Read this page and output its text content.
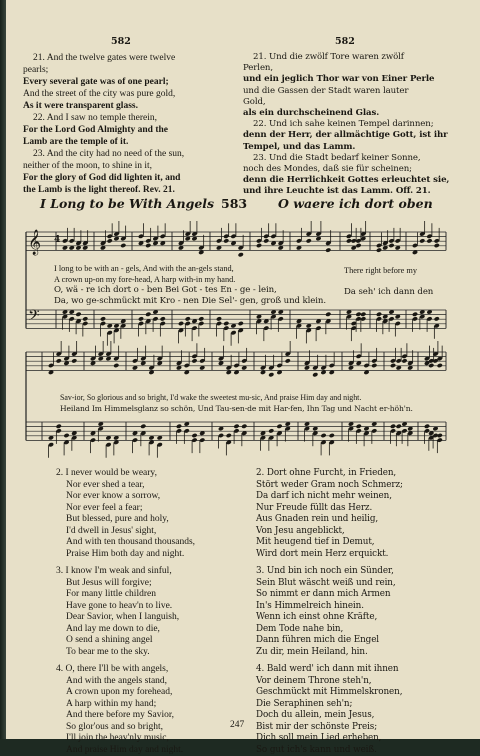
582	582
21. And the twelve gates were twelve
pearls;
Every several gate was of one pearl;
And the street of the city was pure gold,
As it were transparent glass.
22. And I saw no temple therein,
For the Lord God Almighty and the
Lamb are the temple of it.
23. And the city had no need of the sun,
neither of the moon, to shine in it,
For the glory of God did lighten it, and
the Lamb is the light thereof. Rev. 21.
21. Und die zwölf Tore waren zwölf
Perlen,
und ein jeglich Thor war von Einer Perle
und die Gassen der Stadt waren lauter
Gold,
als ein durchscheinend Glas.
22. Und ich sahe keinen Tempel darinnen;
denn der Herr, der allmächtige Gott, ist ihr
Tempel, und das Lamm.
23. Und die Stadt bedarf keiner Sonne,
noch des Mondes, daß sie für scheinen;
denn die Herrlichkeit Gottes erleuchtet sie,
und ihre Leuchte ist das Lamm. Off. 21.
I Long to be With Angels 583 O waere ich dort oben
𝄞
𝄢
4
I long to be with an - gels, And with the an-gels stand,
A crown up-on my fore-head, A harp with-in my hand.
O, wä - re ich dort o - ben Bei Got - tes En - ge - lein,
Da, wo ge-schmückt mit Kro - nen Die Sel'- gen, groß und klein.
There right before my
Da seh' ich dann den
Sav-ior, So glorious and so bright, I'd wake the sweetest mu-sic, And praise Him day and night.
Heiland Im Himmelsglanz so schön, Und Tau-sen-de mit Har-fen, Ihn Tag und Nacht er-höh'n.
2. I never would be weary,
Nor ever shed a tear,
Nor ever know a sorrow,
Nor ever feel a fear;
But blessed, pure and holy,
I'd dwell in Jesus' sight,
And with ten thousand thousands,
Praise Him both day and night.
3. I know I'm weak and sinful,
But Jesus will forgive;
For many little children
Have gone to heav'n to live.
Dear Savior, when I languish,
And lay me down to die,
O send a shining angel
To bear me to the sky.
4. O, there I'll be with angels,
And with the angels stand,
A crown upon my forehead,
A harp within my hand;
And there before my Savior,
So glor'ous and so bright,
I'll join the heav'nly music,
And praise Him day and night.
2. Dort ohne Furcht, in Frieden,
Stört weder Gram noch Schmerz;
Da darf ich nicht mehr weinen,
Nur Freude füllt das Herz.
Aus Gnaden rein und heilig,
Von Jesu angeblickt,
Mit heugend tief in Demut,
Wird dort mein Herz erquickt.
3. Und bin ich noch ein Sünder,
Sein Blut wäscht weiß und rein,
So nimmt er dann mich Armen
In's Himmelreich hinein.
Wenn ich einst ohne Kräfte,
Dem Tode nahe bin,
Dann führen mich die Engel
Zu dir, mein Heiland, hin.
4. Bald werd' ich dann mit ihnen
Vor deinem Throne steh'n,
Geschmückt mit Himmelskronen,
Die Seraphinen seh'n;
Doch du allein, mein Jesus,
Bist mir der schönste Preis;
Dich soll mein Lied erheben,
So gut ich's kann und weiß.
247
